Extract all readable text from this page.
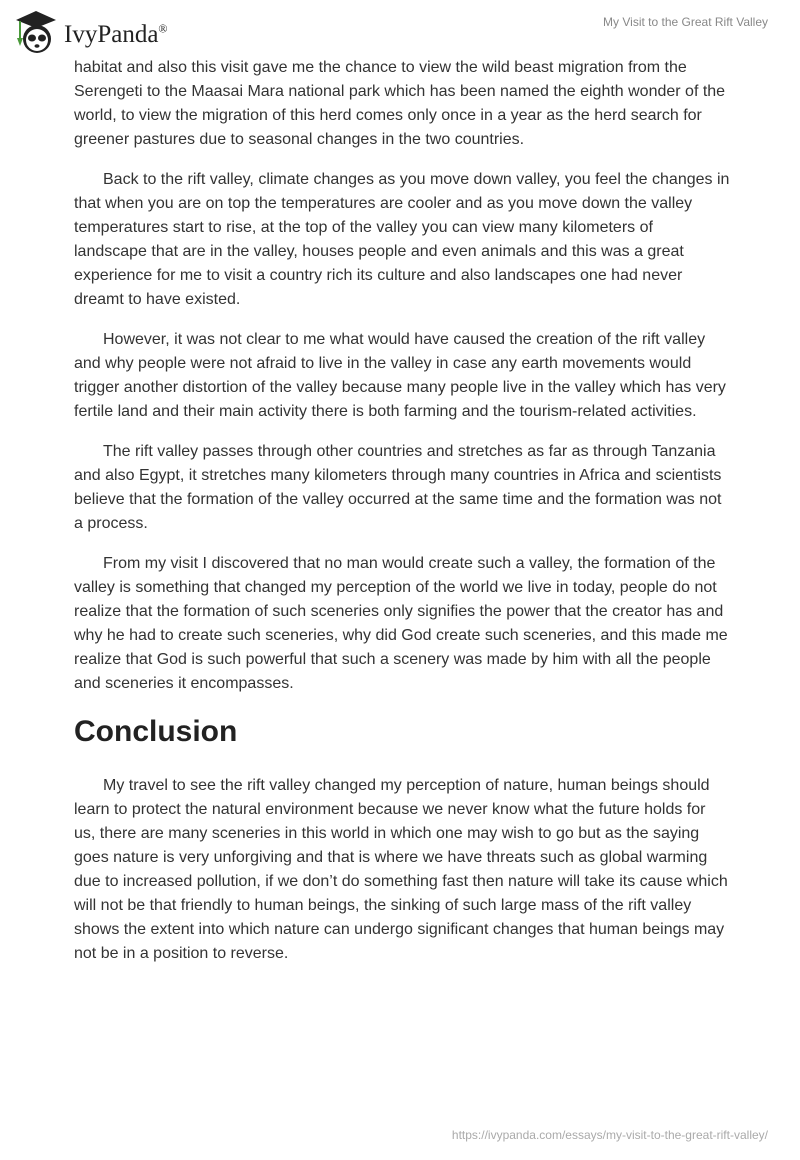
IvyPanda®	My Visit to the Great Rift Valley

habitat and also this visit gave me the chance to view the wild beast migration from the Serengeti to the Maasai Mara national park which has been named the eighth wonder of the world, to view the migration of this herd comes only once in a year as the herd search for greener pastures due to seasonal changes in the two countries.

Back to the rift valley, climate changes as you move down valley, you feel the changes in that when you are on top the temperatures are cooler and as you move down the valley temperatures start to rise, at the top of the valley you can view many kilometers of landscape that are in the valley, houses people and even animals and this was a great experience for me to visit a country rich its culture and also landscapes one had never dreamt to have existed.

However, it was not clear to me what would have caused the creation of the rift valley and why people were not afraid to live in the valley in case any earth movements would trigger another distortion of the valley because many people live in the valley which has very fertile land and their main activity there is both farming and the tourism-related activities.

The rift valley passes through other countries and stretches as far as through Tanzania and also Egypt, it stretches many kilometers through many countries in Africa and scientists believe that the formation of the valley occurred at the same time and the formation was not a process.

From my visit I discovered that no man would create such a valley, the formation of the valley is something that changed my perception of the world we live in today, people do not realize that the formation of such sceneries only signifies the power that the creator has and why he had to create such sceneries, why did God create such sceneries, and this made me realize that God is such powerful that such a scenery was made by him with all the people and sceneries it encompasses.

Conclusion

My travel to see the rift valley changed my perception of nature, human beings should learn to protect the natural environment because we never know what the future holds for us, there are many sceneries in this world in which one may wish to go but as the saying goes nature is very unforgiving and that is where we have threats such as global warming due to increased pollution, if we don’t do something fast then nature will take its cause which will not be that friendly to human beings, the sinking of such large mass of the rift valley shows the extent into which nature can undergo significant changes that human beings may not be in a position to reverse.

https://ivypanda.com/essays/my-visit-to-the-great-rift-valley/
